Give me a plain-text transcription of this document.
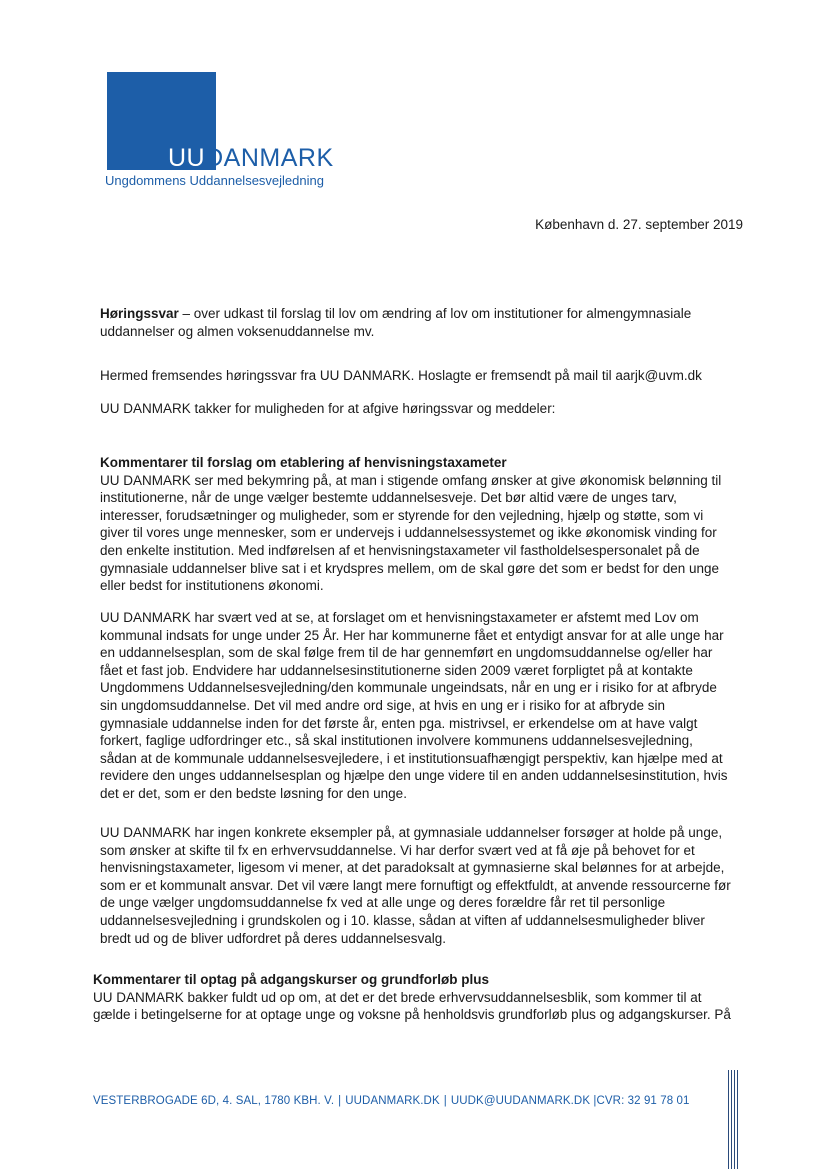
UUDANMARK
Ungdommens Uddannelsesvejledning
København d. 27. september 2019

Høringssvar – over udkast til forslag til lov om ændring af lov om institutioner for almengymnasiale uddannelser og almen voksenuddannelse mv.

Hermed fremsendes høringssvar fra UU DANMARK. Hoslagte er fremsendt på mail til aarjk@uvm.dk

UU DANMARK takker for muligheden for at afgive høringssvar og meddeler:

Kommentarer til forslag om etablering af henvisningstaxameter

UU DANMARK ser med bekymring på, at man i stigende omfang ønsker at give økonomisk belønning til institutionerne, når de unge vælger bestemte uddannelsesveje. Det bør altid være de unges tarv, interesser, forudsætninger og muligheder, som er styrende for den vejledning, hjælp og støtte, som vi giver til vores unge mennesker, som er undervejs i uddannelsessystemet og ikke økonomisk vinding for den enkelte institution. Med indførelsen af et henvisningstaxameter vil fastholdelsespersonalet på de gymnasiale uddannelser blive sat i et krydspres mellem, om de skal gøre det som er bedst for den unge eller bedst for institutionens økonomi.

UU DANMARK har svært ved at se, at forslaget om et henvisningstaxameter er afstemt med Lov om kommunal indsats for unge under 25 År. Her har kommunerne fået et entydigt ansvar for at alle unge har en uddannelsesplan, som de skal følge frem til de har gennemført en ungdomsuddannelse og/eller har fået et fast job. Endvidere har uddannelsesinstitutionerne siden 2009 været forpligtet på at kontakte Ungdommens Uddannelsesvejledning/den kommunale ungeindsats, når en ung er i risiko for at afbryde sin ungdomsuddannelse. Det vil med andre ord sige, at hvis en ung er i risiko for at afbryde sin gymnasiale uddannelse inden for det første år, enten pga. mistrivsel, er erkendelse om at have valgt forkert, faglige udfordringer etc., så skal institutionen involvere kommunens uddannelsesvejledning, sådan at de kommunale uddannelsesvejledere, i et institutionsuafhængigt perspektiv, kan hjælpe med at revidere den unges uddannelsesplan og hjælpe den unge videre til en anden uddannelsesinstitution, hvis det er det, som er den bedste løsning for den unge.

UU DANMARK har ingen konkrete eksempler på, at gymnasiale uddannelser forsøger at holde på unge, som ønsker at skifte til fx en erhvervsuddannelse. Vi har derfor svært ved at få øje på behovet for et henvisningstaxameter, ligesom vi mener, at det paradoksalt at gymnasierne skal belønnes for at arbejde, som er et kommunalt ansvar. Det vil være langt mere fornuftigt og effektfuldt, at anvende ressourcerne før de unge vælger ungdomsuddannelse fx ved at alle unge og deres forældre får ret til personlige uddannelsesvejledning i grundskolen og i 10. klasse, sådan at viften af uddannelsesmuligheder bliver bredt ud og de bliver udfordret på deres uddannelsesvalg.

Kommentarer til optag på adgangskurser og grundforløb plus

UU DANMARK bakker fuldt ud op om, at det er det brede erhvervsuddannelsesblik, som kommer til at gælde i betingelserne for at optage unge og voksne på henholdsvis grundforløb plus og adgangskurser. På

VESTERBROGADE 6D, 4. SAL, 1780 KBH. V. | UUDANMARK.DK | UUDK@UUDANMARK.DK |CVR: 32 91 78 01
